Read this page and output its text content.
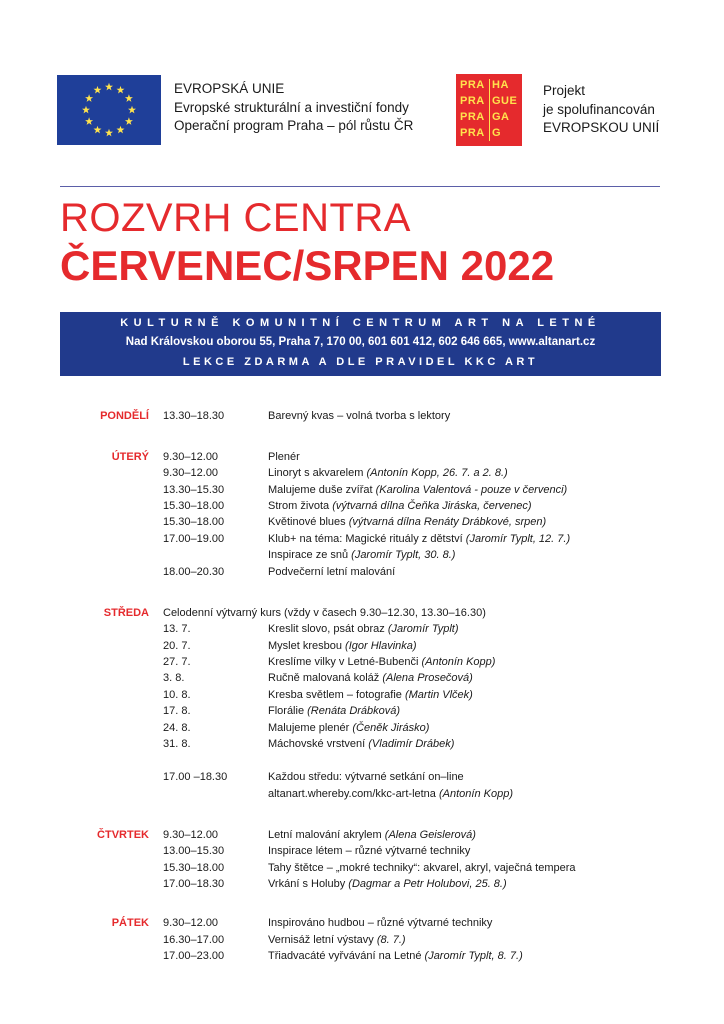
EVROPSKÁ UNIE
Evropské strukturální a investiční fondy
Operační program Praha – pól růstu ČR
PRA HA
PRA GUE
PRA GA
PRA G
Projekt
je spolufinancován
EVROPSKOU UNIÍ
ROZVRH CENTRA
ČERVENEC/SRPEN 2022
KULTURNĚ KOMUNITNÍ CENTRUM ART NA LETNÉ
Nad Královskou oborou 55, Praha 7, 170 00, 601 601 412, 602 646 665, www.altanart.cz
LEKCE ZDARMA A DLE PRAVIDEL KKC ART
PONDĚLÍ 13.30–18.30	Barevný kvas – volná tvorba s lektory
ÚTERÝ 9.30–12.00	Plenér
9.30–12.00	Linoryt s akvarelem (Antonín Kopp, 26. 7. a 2. 8.)
13.30–15.30	Malujeme duše zvířat (Karolina Valentová - pouze v červenci)
15.30–18.00	Strom života (výtvarná dílna Čeňka Jiráska, červenec)
15.30–18.00	Květinové blues (výtvarná dílna Renáty Drábkové, srpen)
17.00–19.00	Klub+ na téma: Magické rituály z dětství (Jaromír Typlt, 12. 7.)
Inspirace ze snů (Jaromír Typlt, 30. 8.)
18.00–20.30	Podvečerní letní malování
STŘEDA Celodenní výtvarný kurs (vždy v časech 9.30–12.30, 13.30–16.30)
13. 7.	Kreslit slovo, psát obraz (Jaromír Typlt)
20. 7.	Myslet kresbou (Igor Hlavinka)
27. 7.	Kreslíme vilky v Letné-Bubenči (Antonín Kopp)
3. 8.	Ručně malovaná koláž (Alena Prosečová)
10. 8.	Kresba světlem – fotografie (Martin Vlček)
17. 8.	Florálie (Renáta Drábková)
24. 8.	Malujeme plenér (Čeněk Jirásko)
31. 8.	Máchovské vrstvení (Vladimír Drábek)
17.00 –18.30	Každou středu: výtvarné setkání on–line
altanart.whereby.com/kkc-art-letna (Antonín Kopp)
ČTVRTEK 9.30–12.00	Letní malování akrylem (Alena Geislerová)
13.00–15.30	Inspirace létem – různé výtvarné techniky
15.30–18.00	Tahy štětce – „mokré techniky“: akvarel, akryl, vaječná tempera
17.00–18.30	Vrkání s Holuby (Dagmar a Petr Holubovi, 25. 8.)
PÁTEK 9.30–12.00	Inspirováno hudbou – různé výtvarné techniky
16.30–17.00	Vernisáž letní výstavy (8. 7.)
17.00–23.00	Třiadvacáté vyřvávání na Letné (Jaromír Typlt, 8. 7.)
